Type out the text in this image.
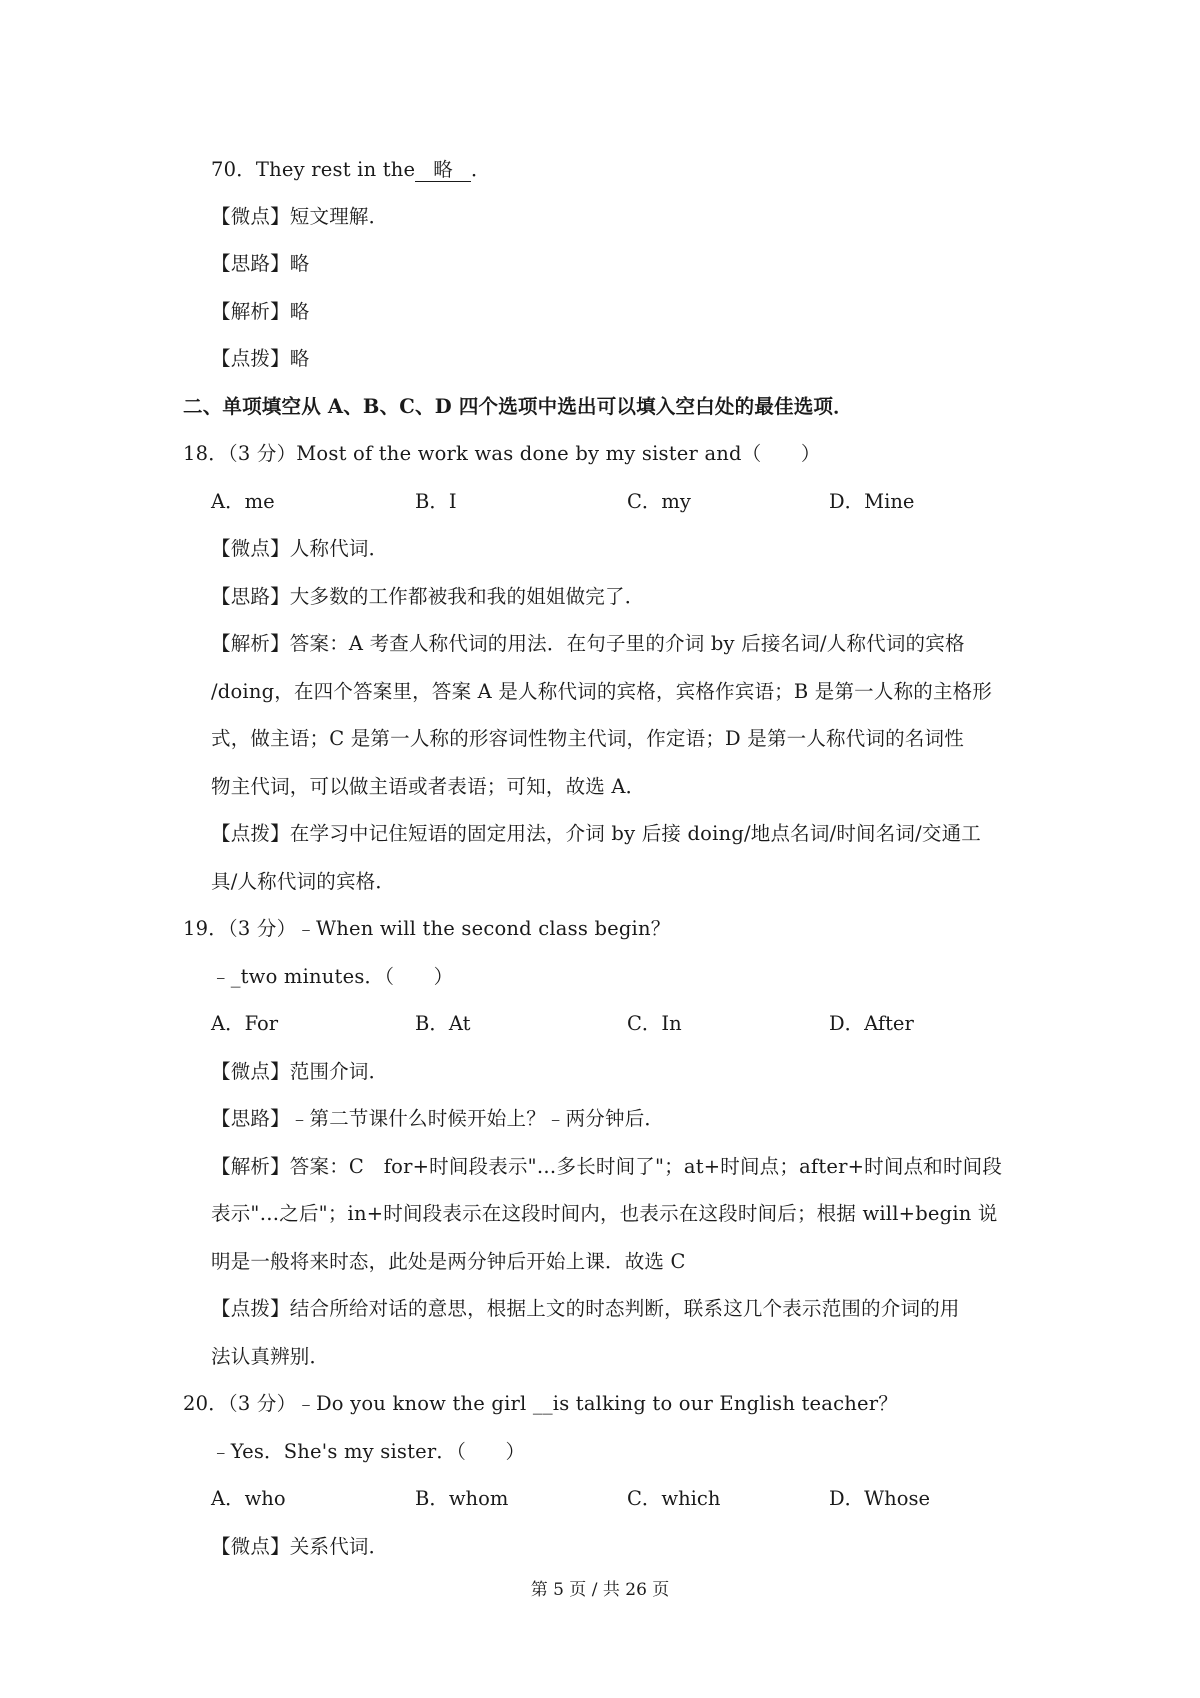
70．They rest in the 略 ．
【微点】短文理解．
【思路】略
【解析】略
【点拨】略
二、单项填空从 A、B、C、D 四个选项中选出可以填入空白处的最佳选项．
18．（3 分）Most of the work was done by my sister and（　　）
A．me	B．I	C．my	D．Mine
【微点】人称代词．
【思路】大多数的工作都被我和我的姐姐做完了．
【解析】答案：A 考查人称代词的用法．在句子里的介词 by 后接名词/人称代词的宾格
/doing，在四个答案里，答案 A 是人称代词的宾格，宾格作宾语；B 是第一人称的主格形
式，做主语；C 是第一人称的形容词性物主代词，作定语；D 是第一人称代词的名词性
物主代词，可以做主语或者表语；可知，故选 A．
【点拨】在学习中记住短语的固定用法，介词 by 后接 doing/地点名词/时间名词/交通工
具/人称代词的宾格．
19．（3 分）﹣When will the second class begin？
﹣_two minutes．（　　）
A．For	B．At	C．In	D．After
【微点】范围介词．
【思路】﹣第二节课什么时候开始上？﹣两分钟后．
【解析】答案：C　for+时间段表示"…多长时间了"；at+时间点；after+时间点和时间段
表示"…之后"；in+时间段表示在这段时间内，也表示在这段时间后；根据 will+begin 说
明是一般将来时态，此处是两分钟后开始上课．故选 C
【点拨】结合所给对话的意思，根据上文的时态判断，联系这几个表示范围的介词的用
法认真辨别．
20．（3 分）﹣Do you know the girl __is talking to our English teacher？
﹣Yes．She's my sister．（　　）
A．who	B．whom	C．which	D．Whose
【微点】关系代词．
第 5 页 / 共 26 页
